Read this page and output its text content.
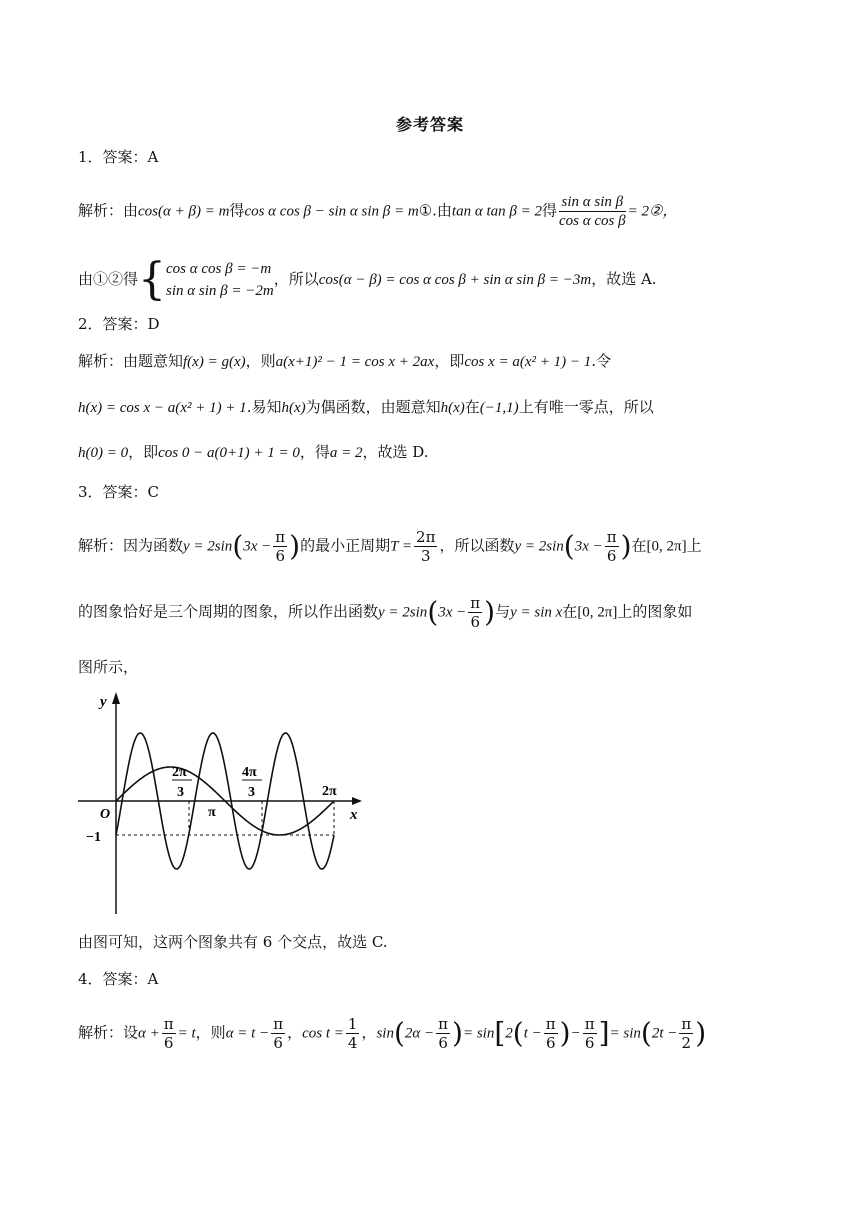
参考答案
1．答案：A
解析：由cos(α + β) = m得cos α cos β − sin α sin β = m①.由tan α tan β = 2得 $\frac{\text{sin α sin β}}{\text{cos α cos β}}$ = 2②，
由①②得{ cos α cos β = −m
sin α sin β = −2m
，所以cos(α − β) = cos α cos β + sin α sin β = −3m，故选 A.
2．答案：D
解析：由题意知f(x) = g(x)，则a(x+1)² − 1 = cos x + 2ax，即cos x = a(x² + 1) − 1.令
h(x) = cos x − a(x² + 1) + 1.易知h(x)为偶函数，由题意知h(x)在(−1,1)上有唯一零点，所以
h(0) = 0，即cos 0 − a(0+1) + 1 = 0，得a = 2，故选 D.
3．答案：C
解析：因为函数$y = 2\sin(3x - \frac{\pi}{6}$ )的最小正周期$T = \frac{2\pi}{3}$ ，所以函数$y = 2\sin(3x - \frac{\pi}{6}$ )在[0, 2π]上
的图象恰好是三个周期的图象，所以作出函数$y = 2\sin(3x - \frac{\pi}{6}$ )与y = sin x在[0, 2π]上的图象如
图所示，
y
x
O
−1
2π
3
π
4π
3	2π
由图可知，这两个图象共有 6 个交点，故选 C.
4．答案：A
解析：设$\alpha + \frac{\pi}{6} = t$，则$\alpha = t - \frac{\pi}{6}$ ，$\cos t = \frac{1}{4}$ ，$\sin(2\alpha - \frac{\pi}{6}$ )= $\sin[2(t - \frac{\pi}{6}$ )− $\frac{\pi}{6}$ ]= $\sin(2t - \frac{\pi}{2}$ )
